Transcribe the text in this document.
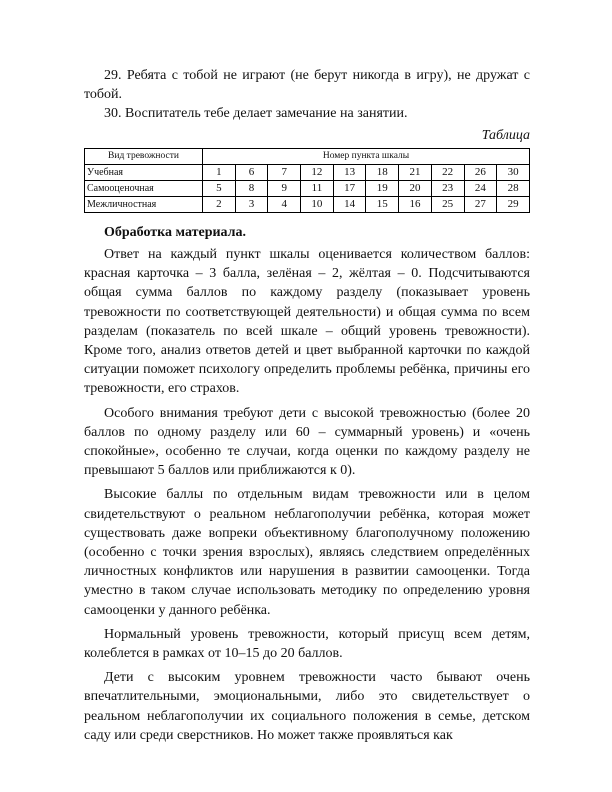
29. Ребята с тобой не играют (не берут никогда в игру), не дружат с тобой.

30. Воспитатель тебе делает замечание на занятии.

Таблица
Вид тревожности	Номер пункта шкалы									
Учебная	1	6	7	12	13	18	21	22	26	30
Самооценочная	5	8	9	11	17	19	20	23	24	28
Межличностная	2	3	4	10	14	15	16	25	27	29
Обработка материала.

Ответ на каждый пункт шкалы оценивается количеством баллов: красная карточка – 3 балла, зелёная – 2, жёлтая – 0. Подсчитываются общая сумма баллов по каждому разделу (показывает уровень тревожности по соответствующей деятельности) и общая сумма по всем разделам (показатель по всей шкале – общий уровень тревожности). Кроме того, анализ ответов детей и цвет выбранной карточки по каждой ситуации поможет психологу определить проблемы ребёнка, причины его тревожности, его страхов.

Особого внимания требуют дети с высокой тревожностью (более 20 баллов по одному разделу или 60 – суммарный уровень) и «очень спокойные», особенно те случаи, когда оценки по каждому разделу не превышают 5 баллов или приближаются к 0).

Высокие баллы по отдельным видам тревожности или в целом свидетельствуют о реальном неблагополучии ребёнка, которая может существовать даже вопреки объективному благополучному положению (особенно с точки зрения взрослых), являясь следствием определённых личностных конфликтов или нарушения в развитии самооценки. Тогда уместно в таком случае использовать методику по определению уровня самооценки у данного ребёнка.

Нормальный уровень тревожности, который присущ всем детям, колеблется в рамках от 10–15 до 20 баллов.

Дети с высоким уровнем тревожности часто бывают очень впечатлительными, эмоциональными, либо это свидетельствует о реальном неблагополучии их социального положения в семье, детском саду или среди сверстников. Но может также проявляться как
